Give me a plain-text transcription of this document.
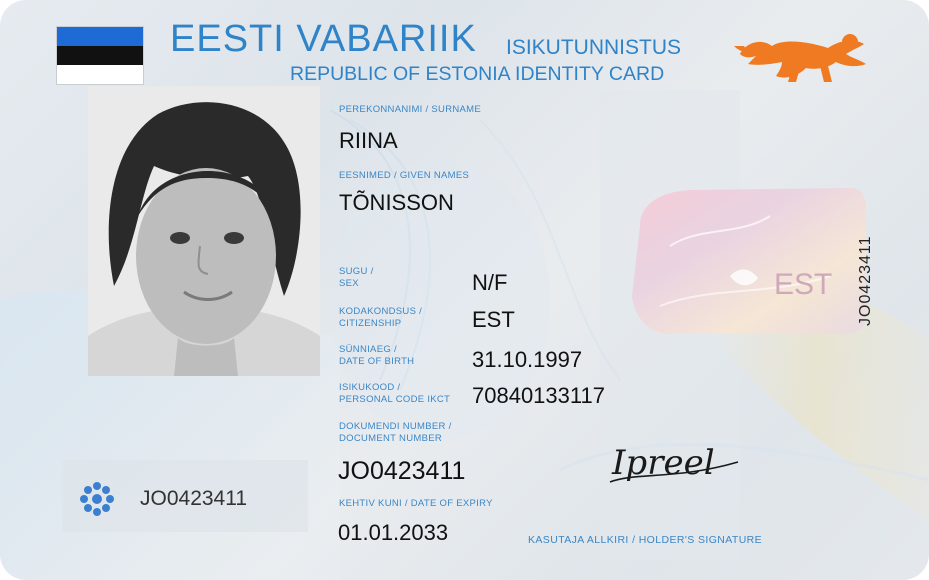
EESTI VABARIIK ISIKUTUNNISTUS
REPUBLIC OF ESTONIA IDENTITY CARD
PEREKONNANIMI / SURNAME
RIINA
EESNIMED / GIVEN NAMES
TÕNISSON
SUGU /
SEX	N/F
KODAKONDSUS /
CITIZENSHIP	EST
SÜNNIAEG /
DATE OF BIRTH	31.10.1997
ISIKUKOOD /
PERSONAL CODE IKCT 70840133117
DOKUMENDI NUMBER /
DOCUMENT NUMBER
JO0423411
KEHTIV KUNI / DATE OF EXPIRY
01.01.2033
JO0423411
EST JO0423411
Ipreel
KASUTAJA ALLKIRI / HOLDER'S SIGNATURE
